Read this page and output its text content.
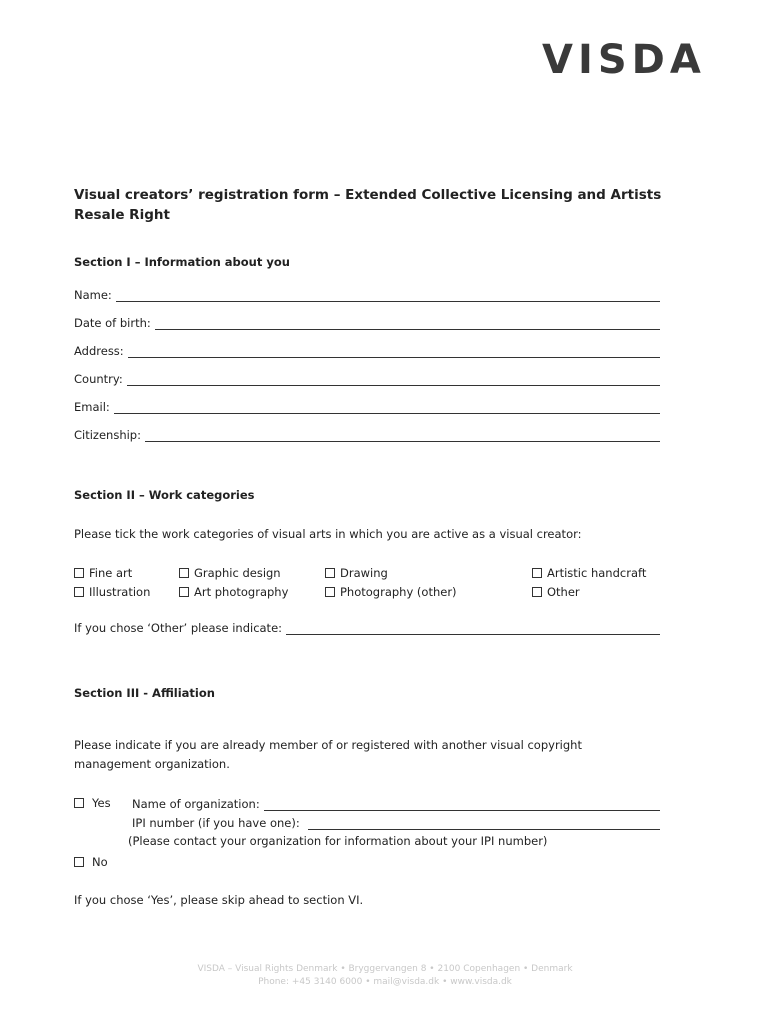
VISDA
Visual creators’ registration form – Extended Collective Licensing and Artists Resale Right
Section I – Information about you
Name:
Date of birth:
Address:
Country:
Email:
Citizenship:
Section II – Work categories
Please tick the work categories of visual arts in which you are active as a visual creator:
Fine art	Graphic design	Drawing	Artistic handcraft
Illustration	Art photography	Photography (other)	Other
If you chose ‘Other’ please indicate:
Section III - Affiliation
Please indicate if you are already member of or registered with another visual copyright
management organization.
Yes Name of organization:
IPI number (if you have one):
(Please contact your organization for information about your IPI number)
No
If you chose ‘Yes’, please skip ahead to section VI.
VISDA – Visual Rights Denmark • Bryggervangen 8 • 2100 Copenhagen • Denmark
Phone: +45 3140 6000 • mail@visda.dk • www.visda.dk
